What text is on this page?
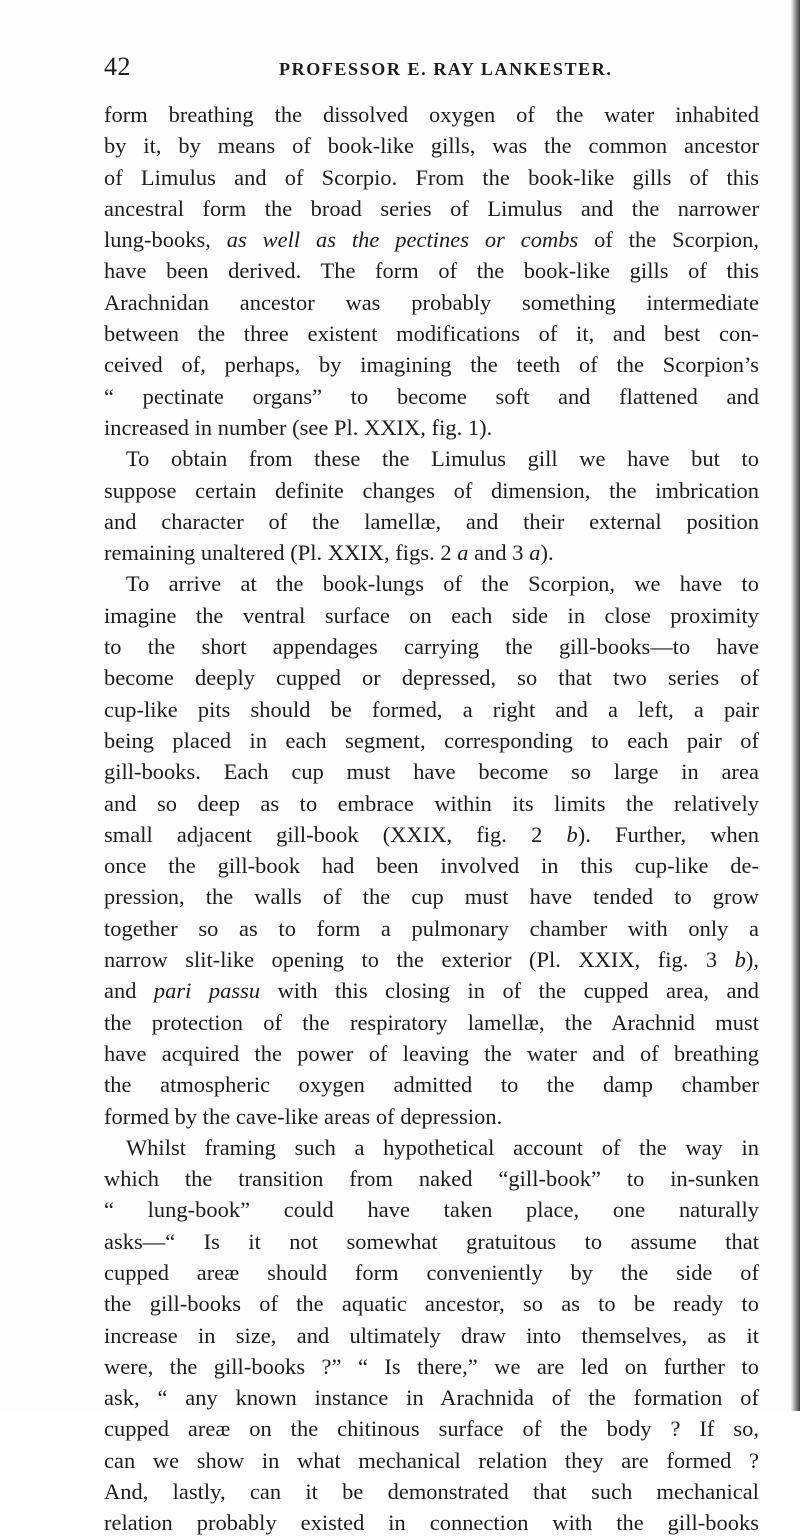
42	PROFESSOR E. RAY LANKESTER.
form breathing the dissolved oxygen of the water inhabited
by it, by means of book-like gills, was the common ancestor
of Limulus and of Scorpio. From the book-like gills of this
ancestral form the broad series of Limulus and the narrower
lung-books, as well as the pectines or combs of the Scorpion,
have been derived. The form of the book-like gills of this
Arachnidan ancestor was probably something intermediate
between the three existent modifications of it, and best con-
ceived of, perhaps, by imagining the teeth of the Scorpion’s
“ pectinate organs” to become soft and flattened and
increased in number (see Pl. XXIX, fig. 1).
To obtain from these the Limulus gill we have but to
suppose certain definite changes of dimension, the imbrication
and character of the lamellæ, and their external position
remaining unaltered (Pl. XXIX, figs. 2 a and 3 a).
To arrive at the book-lungs of the Scorpion, we have to
imagine the ventral surface on each side in close proximity
to the short appendages carrying the gill-books—to have
become deeply cupped or depressed, so that two series of
cup-like pits should be formed, a right and a left, a pair
being placed in each segment, corresponding to each pair of
gill-books. Each cup must have become so large in area
and so deep as to embrace within its limits the relatively
small adjacent gill-book (XXIX, fig. 2 b). Further, when
once the gill-book had been involved in this cup-like de-
pression, the walls of the cup must have tended to grow
together so as to form a pulmonary chamber with only a
narrow slit-like opening to the exterior (Pl. XXIX, fig. 3 b),
and pari passu with this closing in of the cupped area, and
the protection of the respiratory lamellæ, the Arachnid must
have acquired the power of leaving the water and of breathing
the atmospheric oxygen admitted to the damp chamber
formed by the cave-like areas of depression.
Whilst framing such a hypothetical account of the way in
which the transition from naked “gill-book” to in-sunken
“ lung-book” could have taken place, one naturally
asks—“ Is it not somewhat gratuitous to assume that
cupped areæ should form conveniently by the side of
the gill-books of the aquatic ancestor, so as to be ready to
increase in size, and ultimately draw into themselves, as it
were, the gill-books ?” “ Is there,” we are led on further to
ask, “ any known instance in Arachnida of the formation of
cupped areæ on the chitinous surface of the body ? If so,
can we show in what mechanical relation they are formed ?
And, lastly, can it be demonstrated that such mechanical
relation probably existed in connection with the gill-books
